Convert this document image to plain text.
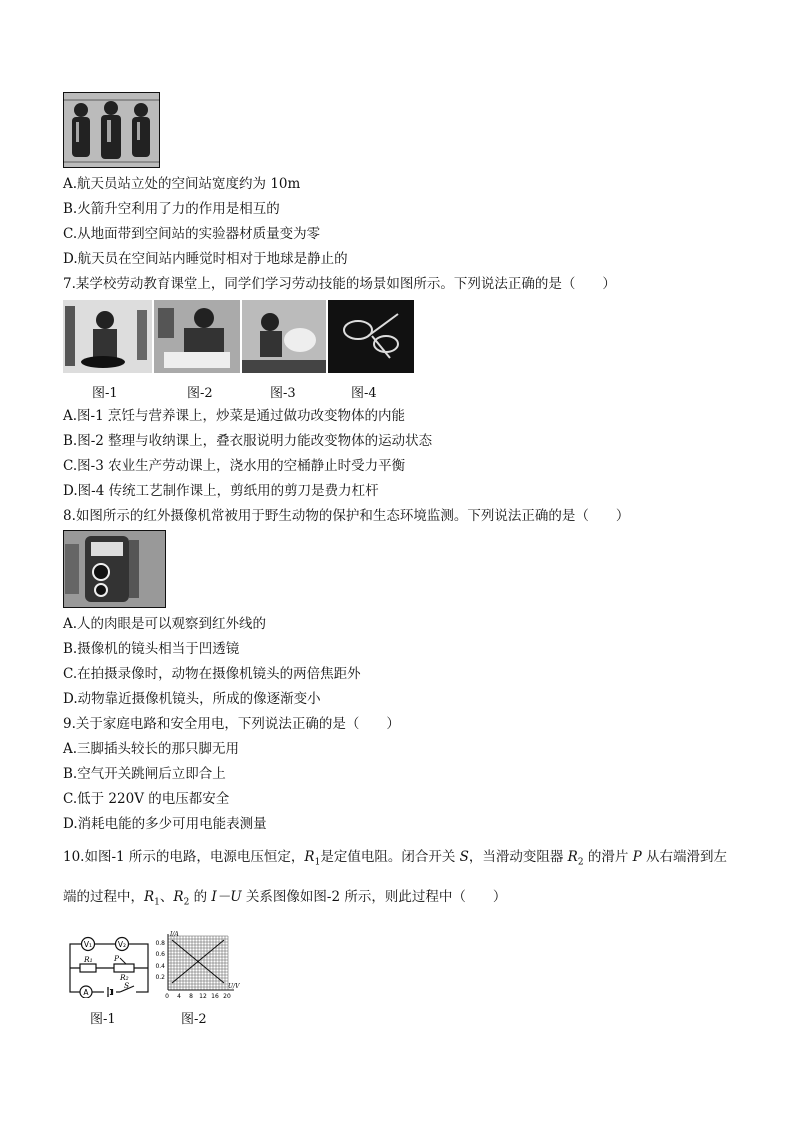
A.航天员站立处的空间站宽度约为 10m
B.火箭升空利用了力的作用是相互的
C.从地面带到空间站的实验器材质量变为零
D.航天员在空间站内睡觉时相对于地球是静止的
7.某学校劳动教育课堂上，同学们学习劳动技能的场景如图所示。下列说法正确的是（　　）
图-1	图-2	图-3	图-4
A.图-1 烹饪与营养课上，炒菜是通过做功改变物体的内能
B.图-2 整理与收纳课上，叠衣服说明力能改变物体的运动状态
C.图-3 农业生产劳动课上，浇水用的空桶静止时受力平衡
D.图-4 传统工艺制作课上，剪纸用的剪刀是费力杠杆
8.如图所示的红外摄像机常被用于野生动物的保护和生态环境监测。下列说法正确的是（　　）
A.人的肉眼是可以观察到红外线的
B.摄像机的镜头相当于凹透镜
C.在拍摄录像时，动物在摄像机镜头的两倍焦距外
D.动物靠近摄像机镜头，所成的像逐渐变小
9.关于家庭电路和安全用电，下列说法正确的是（　　）
A.三脚插头较长的那只脚无用
B.空气开关跳闸后立即合上
C.低于 220V 的电压都安全
D.消耗电能的多少可用电能表测量
10.如图-1 所示的电路，电源电压恒定，$R_1$是定值电阻。闭合开关 S，当滑动变阻器 $R_2$ 的滑片 P 从右端滑到左
端的过程中，$R_1$、$R_2$ 的 I－U 关系图像如图-2 所示，则此过程中（　　）
V₁	V₂
R₁	P
R₂
A
S
I/A
U/V
0.8
0.6
0.4
0.2
0 4 8 12 16 20
图-1	图-2
